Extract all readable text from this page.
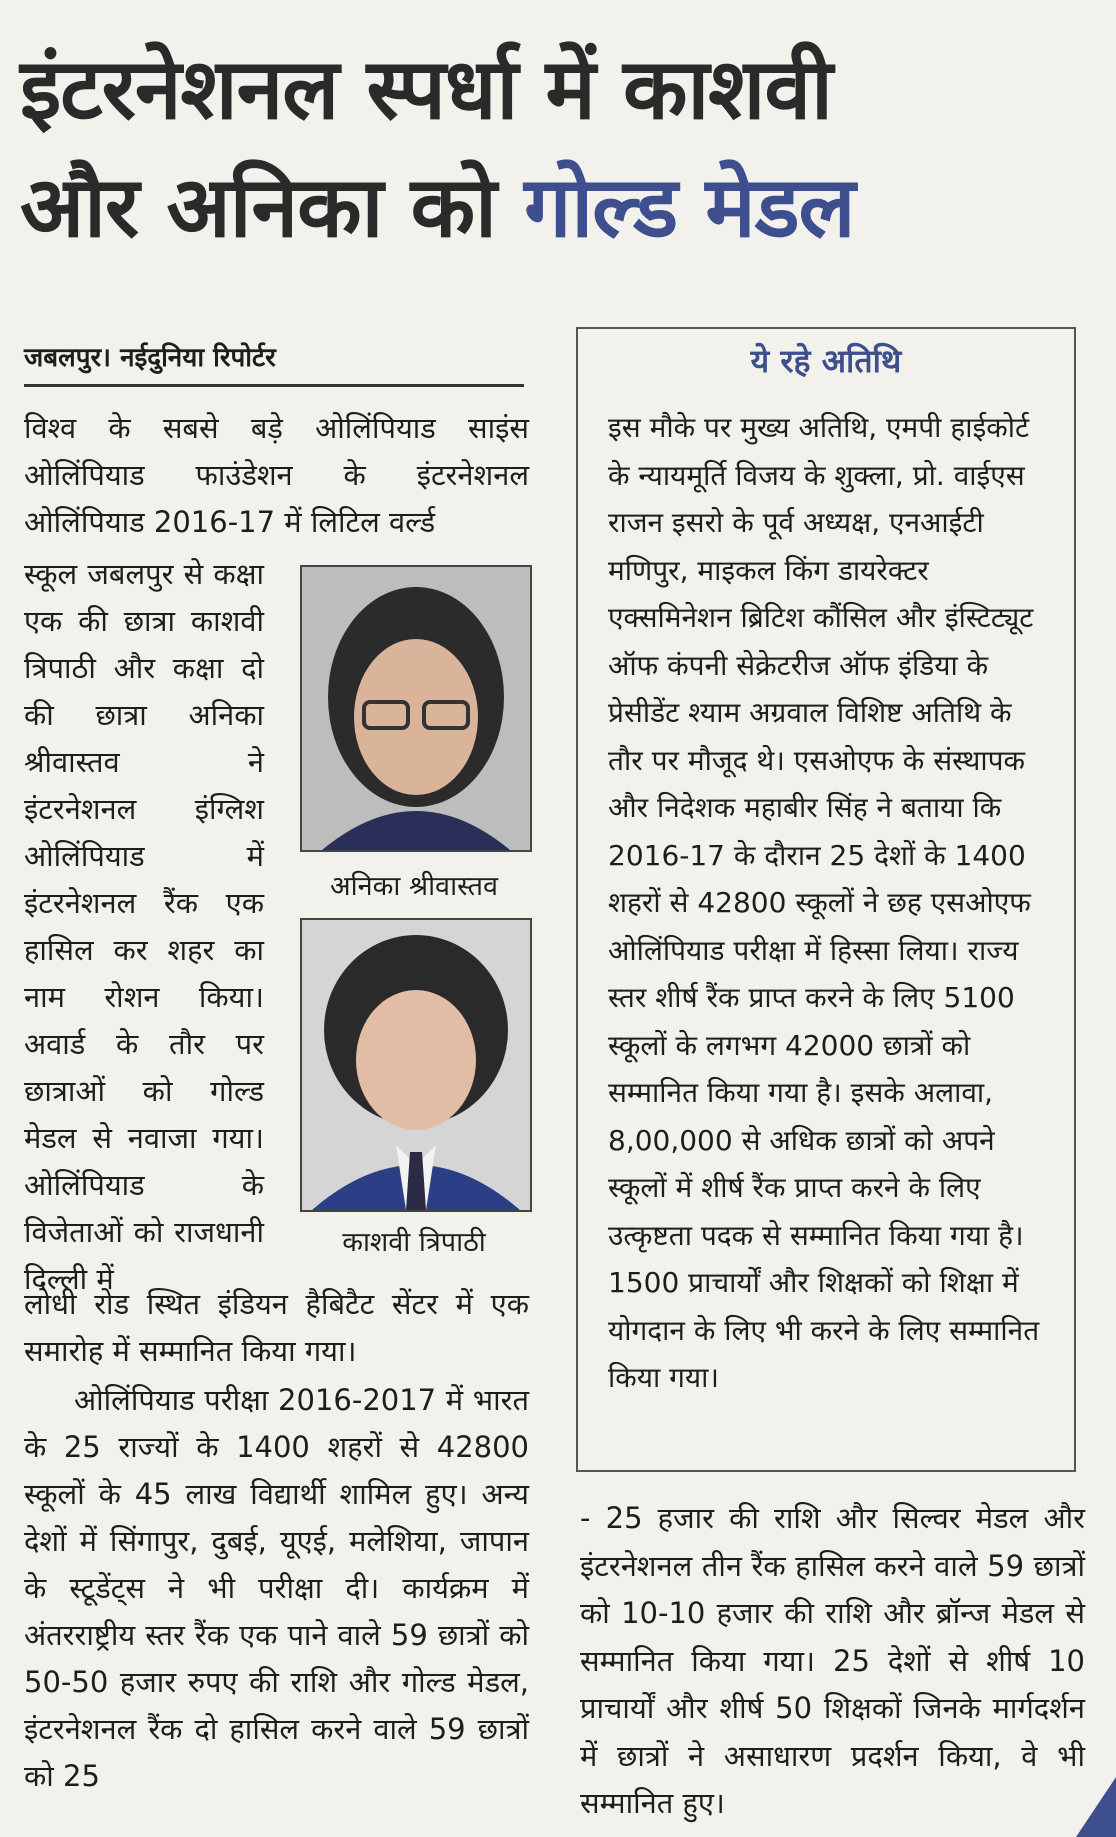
इंटरनेशनल स्पर्धा में काशवी
और अनिका को गोल्ड मेडल
जबलपुर। नईदुनिया रिपोर्टर
विश्व के सबसे बड़े ओलिंपियाड साइंस ओलिंपियाड फाउंडेशन के इंटरनेशनल ओलिंपियाड 2016-17 में लिटिल वर्ल्ड
स्कूल जबलपुर से कक्षा एक की छात्रा काशवी त्रिपाठी और कक्षा दो की छात्रा अनिका श्रीवास्तव ने इंटरनेशनल इंग्लिश ओलिंपियाड में इंटरनेशनल रैंक एक हासिल कर शहर का नाम रोशन किया। अवार्ड के तौर पर छात्राओं को गोल्ड मेडल से नवाजा गया। ओलिंपियाड के विजेताओं को राजधानी दिल्ली में
अनिका श्रीवास्तव
काशवी त्रिपाठी
लोधी रोड स्थित इंडियन हैबिटैट सेंटर में एक समारोह में सम्मानित किया गया।
ओलिंपियाड परीक्षा 2016-2017 में भारत के 25 राज्यों के 1400 शहरों से 42800 स्कूलों के 45 लाख विद्यार्थी शामिल हुए। अन्य देशों में सिंगापुर, दुबई, यूएई, मलेशिया, जापान के स्टूडेंट्स ने भी परीक्षा दी। कार्यक्रम में अंतरराष्ट्रीय स्तर रैंक एक पाने वाले 59 छात्रों को 50-50 हजार रुपए की राशि और गोल्ड मेडल, इंटरनेशनल रैंक दो हासिल करने वाले 59 छात्रों को 25
ये रहे अतिथि
इस मौके पर मुख्य अतिथि, एमपी हाईकोर्ट के न्यायमूर्ति विजय के शुक्ला, प्रो. वाईएस राजन इसरो के पूर्व अध्यक्ष, एनआईटी मणिपुर, माइकल किंग डायरेक्टर एक्समिनेशन ब्रिटिश कौंसिल और इंस्टिट्यूट ऑफ कंपनी सेक्रेटरीज ऑफ इंडिया के प्रेसीडेंट श्याम अग्रवाल विशिष्ट अतिथि के तौर पर मौजूद थे। एसओएफ के संस्थापक और निदेशक महाबीर सिंह ने बताया कि 2016-17 के दौरान 25 देशों के 1400 शहरों से 42800 स्कूलों ने छह एसओएफ ओलिंपियाड परीक्षा में हिस्सा लिया। राज्य स्तर शीर्ष रैंक प्राप्त करने के लिए 5100 स्कूलों के लगभग 42000 छात्रों को सम्मानित किया गया है। इसके अलावा, 8,00,000 से अधिक छात्रों को अपने स्कूलों में शीर्ष रैंक प्राप्त करने के लिए उत्कृष्टता पदक से सम्मानित किया गया है। 1500 प्राचार्यों और शिक्षकों को शिक्षा में योगदान के लिए भी करने के लिए सम्मानित किया गया।
- 25 हजार की राशि और सिल्वर मेडल और इंटरनेशनल तीन रैंक हासिल करने वाले 59 छात्रों को 10-10 हजार की राशि और ब्रॉन्ज मेडल से सम्मानित किया गया। 25 देशों से शीर्ष 10 प्राचार्यों और शीर्ष 50 शिक्षकों जिनके मार्गदर्शन में छात्रों ने असाधारण प्रदर्शन किया, वे भी सम्मानित हुए।
